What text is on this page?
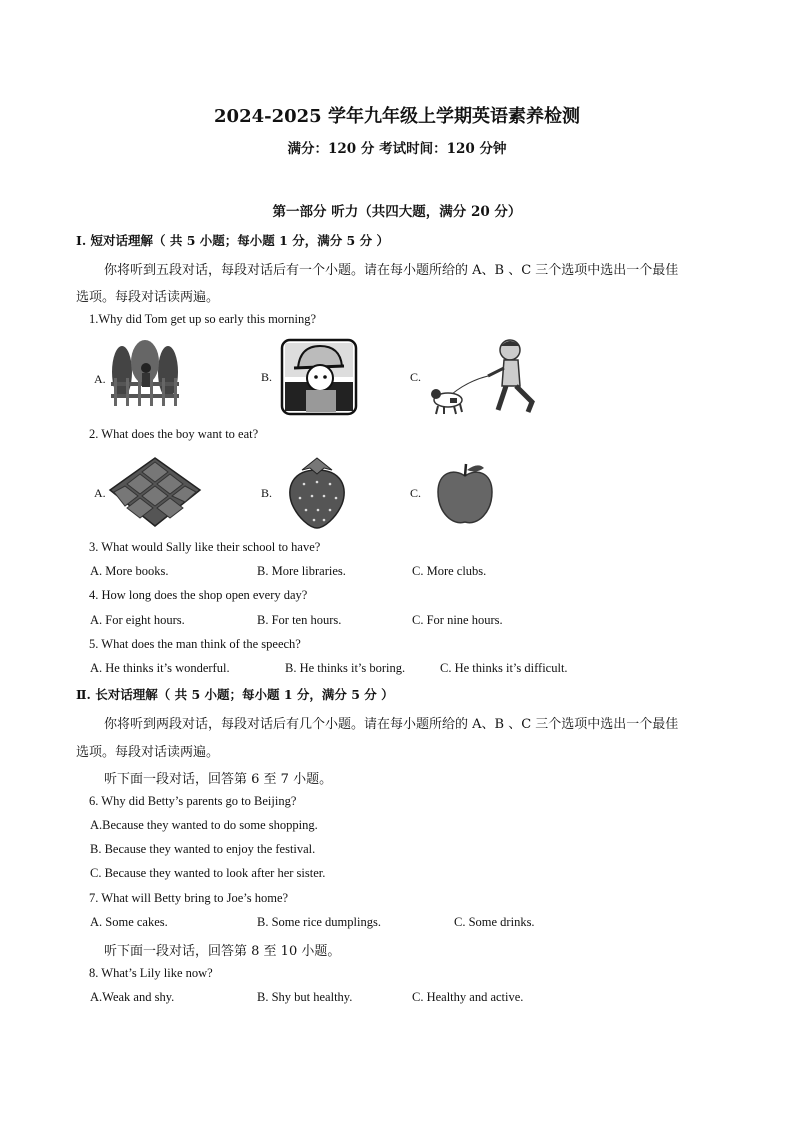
2024-2025 学年九年级上学期英语素养检测
满分：120 分 考试时间：120 分钟
第一部分 听力（共四大题，满分 20 分）
I. 短对话理解（ 共 5 小题；每小题 1 分，满分 5 分 ）
你将听到五段对话，每段对话后有一个小题。请在每小题所给的 A、B 、C 三个选项中选出一个最佳
选项。每段对话读两遍。
1.Why did Tom get up so early this morning?
A.	B.	C.
2. What does the boy want to eat?
A.	B.	C.
3. What would Sally like their school to have?
A. More books.	B. More libraries.	C. More clubs.
4. How long does the shop open every day?
A. For eight hours.	B. For ten hours.	C. For nine hours.
5. What does the man think of the speech?
A. He thinks it’s wonderful.	B. He thinks it’s boring.	C. He thinks it’s difficult.
Ⅱ. 长对话理解（ 共 5 小题；每小题 1 分，满分 5 分 ）
你将听到两段对话，每段对话后有几个小题。请在每小题所给的 A、B 、C 三个选项中选出一个最佳
选项。每段对话读两遍。
听下面一段对话，回答第 6 至 7 小题。
6. Why did Betty’s parents go to Beijing?
A.Because they wanted to do some shopping.
B. Because they wanted to enjoy the festival.
C. Because they wanted to look after her sister.
7. What will Betty bring to Joe’s home?
A. Some cakes.	B. Some rice dumplings.	C. Some drinks.
听下面一段对话，回答第 8 至 10 小题。
8. What’s Lily like now?
A.Weak and shy.	B. Shy but healthy.	C. Healthy and active.
